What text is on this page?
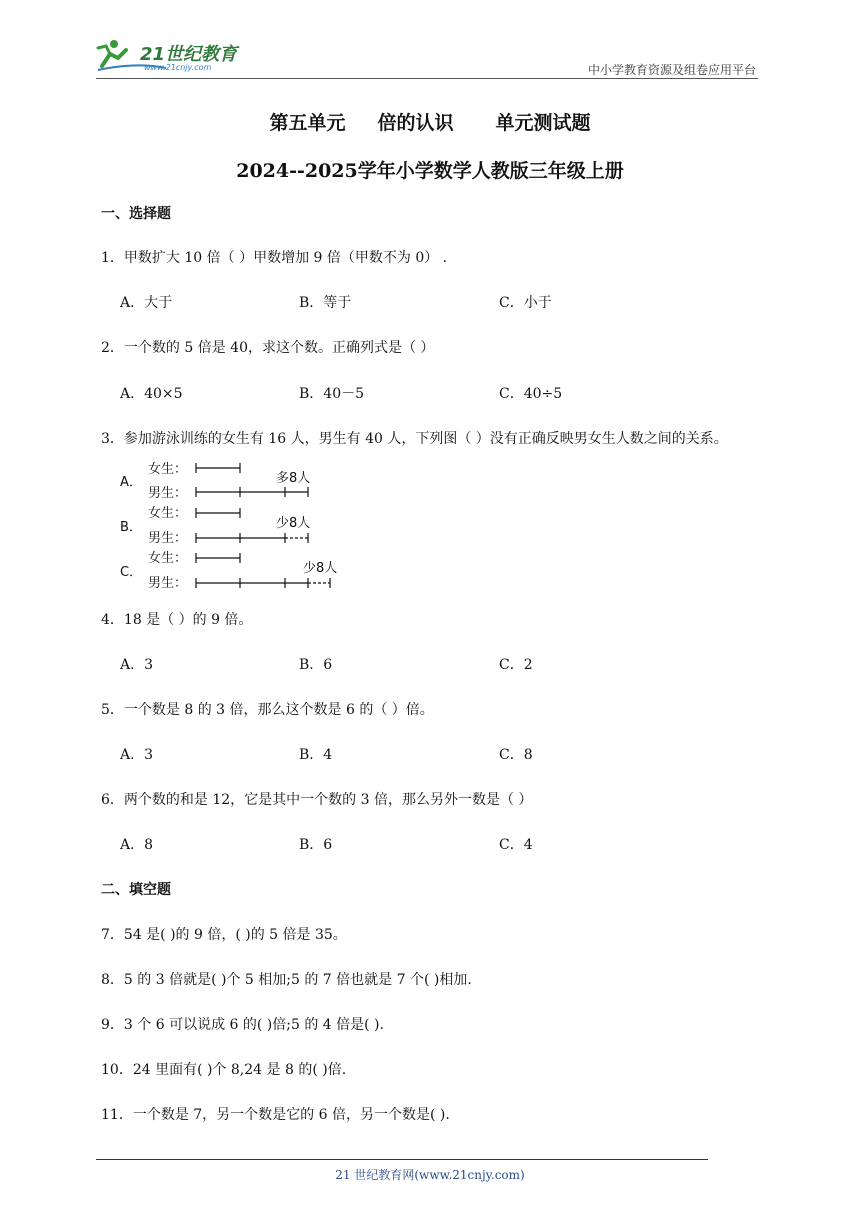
21世纪教育
www.21cnjy.com	中小学教育资源及组卷应用平台
第五单元 倍的认识 单元测试题
2024--2025学年小学数学人教版三年级上册
一、选择题
1．甲数扩大 10 倍（ ）甲数增加 9 倍（甲数不为 0） .
A．大于	B．等于	C．小于
2．一个数的 5 倍是 40，求这个数。正确列式是（ ）
A．40×5	B．40－5	C．40÷5
3．参加游泳训练的女生有 16 人，男生有 40 人，下列图（ ）没有正确反映男女生人数之间的关系。
A．
B．
C．
女生：
男生：
女生：
男生：
女生：
男生：
多8人
少8人
少8人
4．18 是（ ）的 9 倍。
A．3	B．6	C．2
5．一个数是 8 的 3 倍，那么这个数是 6 的（ ）倍。
A．3	B．4	C．8
6．两个数的和是 12，它是其中一个数的 3 倍，那么另外一数是（ ）
A．8	B．6	C．4
二、填空题
7．54 是( )的 9 倍，( )的 5 倍是 35。
8．5 的 3 倍就是( )个 5 相加;5 的 7 倍也就是 7 个( )相加.
9．3 个 6 可以说成 6 的( )倍;5 的 4 倍是( ).
10．24 里面有( )个 8,24 是 8 的( )倍.
11．一个数是 7，另一个数是它的 6 倍，另一个数是( ).
21 世纪教育网(www.21cnjy.com)
